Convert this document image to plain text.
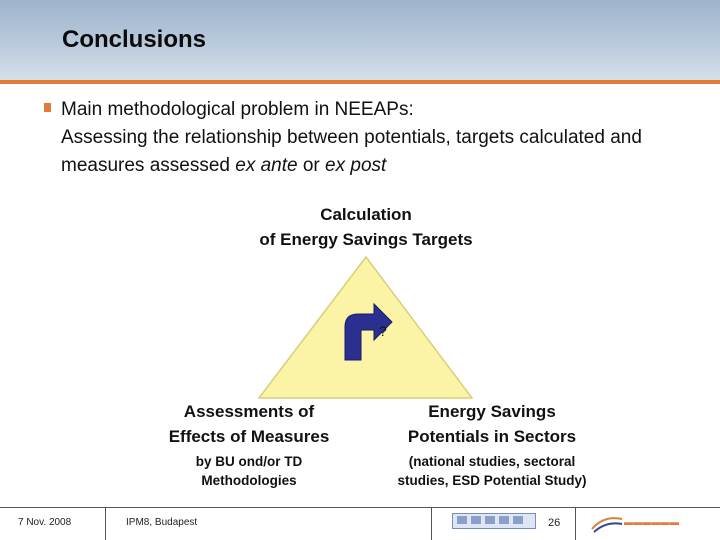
Conclusions
Main methodological problem in NEEAPs:
Assessing the relationship between potentials, targets calculated and measures assessed ex ante or ex post
Calculation
of Energy Savings Targets
?
Assessments of
Effects of Measures
by BU ond/or TD
Methodologies
Energy Savings
Potentials in Sectors
(national studies, sectoral
studies, ESD Potential Study)
7 Nov. 2008	IPM8, Budapest	26	▬▬▬▬▬▬
